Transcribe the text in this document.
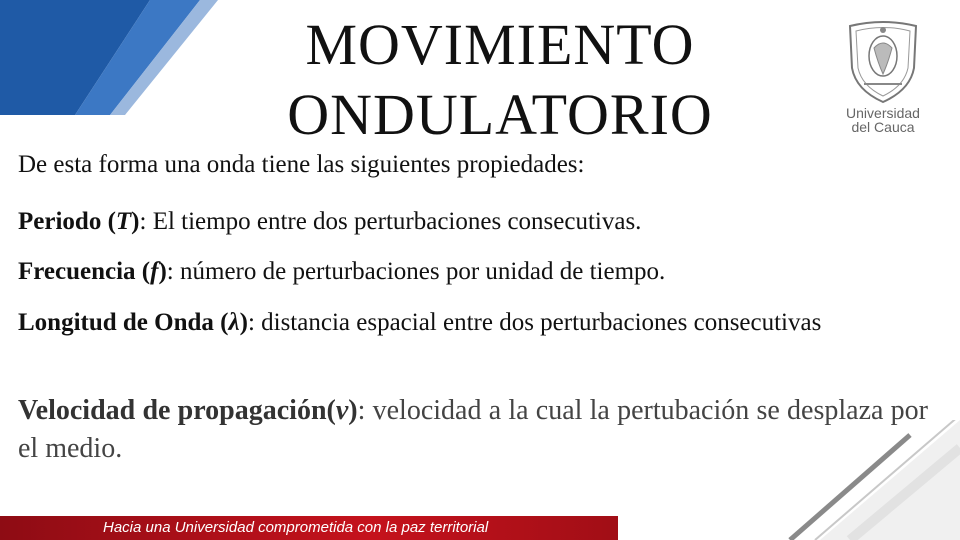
MOVIMIENTO
ONDULATORIO	Universidad
del Cauca
De esta forma una onda tiene las siguientes propiedades:
Periodo (T): El tiempo entre dos perturbaciones consecutivas.
Frecuencia (f): número de perturbaciones por unidad de tiempo.
Longitud de Onda (λ): distancia espacial entre dos perturbaciones consecutivas
Velocidad de propagación(v): velocidad a la cual la pertubación se desplaza por el medio.
Hacia una Universidad comprometida con la paz territorial
